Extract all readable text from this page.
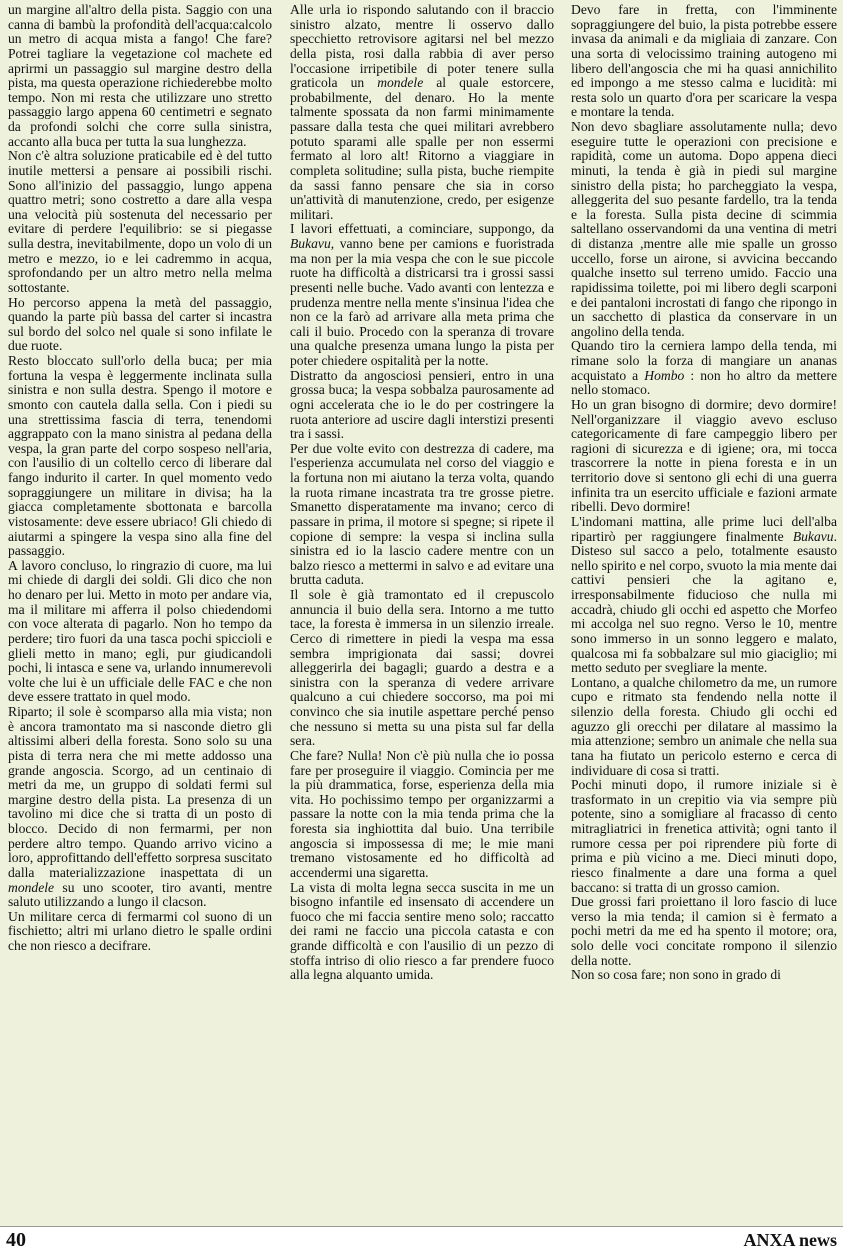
un margine all'altro della pista. Saggio con una canna di bambù la profondità dell'acqua:calcolo un metro di acqua mista a fango! Che fare? Potrei tagliare la vegetazione col machete ed aprirmi un passaggio sul margine destro della pista, ma questa operazione richiederebbe molto tempo. Non mi resta che utilizzare uno stretto passaggio largo appena 60 centimetri e segnato da profondi solchi che corre sulla sinistra, accanto alla buca per tutta la sua lunghezza.

Non c'è altra soluzione praticabile ed è del tutto inutile mettersi a pensare ai possibili rischi. Sono all'inizio del passaggio, lungo appena quattro metri; sono costretto a dare alla vespa una velocità più sostenuta del necessario per evitare di perdere l'equilibrio: se si piegasse sulla destra, inevitabilmente, dopo un volo di un metro e mezzo, io e lei cadremmo in acqua, sprofondando per un altro metro nella melma sottostante.

Ho percorso appena la metà del passaggio, quando la parte più bassa del carter si incastra sul bordo del solco nel quale si sono infilate le due ruote.

Resto bloccato sull'orlo della buca; per mia fortuna la vespa è leggermente inclinata sulla sinistra e non sulla destra. Spengo il motore e smonto con cautela dalla sella. Con i piedi su una strettissima fascia di terra, tenendomi aggrappato con la mano sinistra al pedana della vespa, la gran parte del corpo sospeso nell'aria, con l'ausilio di un coltello cerco di liberare dal fango indurito il carter. In quel momento vedo sopraggiungere un militare in divisa; ha la giacca completamente sbottonata e barcolla vistosamente: deve essere ubriaco! Gli chiedo di aiutarmi a spingere la vespa sino alla fine del passaggio.

A lavoro concluso, lo ringrazio di cuore, ma lui mi chiede di dargli dei soldi. Gli dico che non ho denaro per lui. Metto in moto per andare via, ma il militare mi afferra il polso chiedendomi con voce alterata di pagarlo. Non ho tempo da perdere; tiro fuori da una tasca pochi spiccioli e glieli metto in mano; egli, pur giudicandoli pochi, li intasca e sene va, urlando innumerevoli volte che lui è un ufficiale delle FAC e che non deve essere trattato in quel modo.

Riparto; il sole è scomparso alla mia vista; non è ancora tramontato ma si nasconde dietro gli altissimi alberi della foresta. Sono solo su una pista di terra nera che mi mette addosso una grande angoscia. Scorgo, ad un centinaio di metri da me, un gruppo di soldati fermi sul margine destro della pista. La presenza di un tavolino mi dice che si tratta di un posto di blocco. Decido di non fermarmi, per non perdere altro tempo. Quando arrivo vicino a loro, approfittando dell'effetto sorpresa suscitato dalla materializzazione inaspettata di un mondele su uno scooter, tiro avanti, mentre saluto utilizzando a lungo il clacson.

Un militare cerca di fermarmi col suono di un fischietto; altri mi urlano dietro le spalle ordini che non riesco a decifrare.

Alle urla io rispondo salutando con il braccio sinistro alzato, mentre li osservo dallo specchietto retrovisore agitarsi nel bel mezzo della pista, rosi dalla rabbia di aver perso l'occasione irripetibile di poter tenere sulla graticola un mondele al quale estorcere, probabilmente, del denaro. Ho la mente talmente spossata da non farmi minimamente passare dalla testa che quei militari avrebbero potuto sparami alle spalle per non essermi fermato al loro alt! Ritorno a viaggiare in completa solitudine; sulla pista, buche riempite da sassi fanno pensare che sia in corso un'attività di manutenzione, credo, per esigenze militari.

I lavori effettuati, a cominciare, suppongo, da Bukavu, vanno bene per camions e fuoristrada ma non per la mia vespa che con le sue piccole ruote ha difficoltà a districarsi tra i grossi sassi presenti nelle buche. Vado avanti con lentezza e prudenza mentre nella mente s'insinua l'idea che non ce la farò ad arrivare alla meta prima che cali il buio. Procedo con la speranza di trovare una qualche presenza umana lungo la pista per poter chiedere ospitalità per la notte.

Distratto da angosciosi pensieri, entro in una grossa buca; la vespa sobbalza paurosamente ad ogni accelerata che io le do per costringere la ruota anteriore ad uscire dagli interstizi presenti tra i sassi.

Per due volte evito con destrezza di cadere, ma l'esperienza accumulata nel corso del viaggio e la fortuna non mi aiutano la terza volta, quando la ruota rimane incastrata tra tre grosse pietre. Smanetto disperatamente ma invano; cerco di passare in prima, il motore si spegne; si ripete il copione di sempre: la vespa si inclina sulla sinistra ed io la lascio cadere mentre con un balzo riesco a mettermi in salvo e ad evitare una brutta caduta.

Il sole è già tramontato ed il crepuscolo annuncia il buio della sera. Intorno a me tutto tace, la foresta è immersa in un silenzio irreale. Cerco di rimettere in piedi la vespa ma essa sembra imprigionata dai sassi; dovrei alleggerirla dei bagagli; guardo a destra e a sinistra con la speranza di vedere arrivare qualcuno a cui chiedere soccorso, ma poi mi convinco che sia inutile aspettare perché penso che nessuno si metta su una pista sul far della sera.

Che fare? Nulla! Non c'è più nulla che io possa fare per proseguire il viaggio. Comincia per me la più drammatica, forse, esperienza della mia vita. Ho pochissimo tempo per organizzarmi a passare la notte con la mia tenda prima che la foresta sia inghiottita dal buio. Una terribile angoscia si impossessa di me; le mie mani tremano vistosamente ed ho difficoltà ad accendermi una sigaretta.

La vista di molta legna secca suscita in me un bisogno infantile ed insensato di accendere un fuoco che mi faccia sentire meno solo; raccatto dei rami ne faccio una piccola catasta e con grande difficoltà e con l'ausilio di un pezzo di stoffa intriso di olio riesco a far prendere fuoco alla legna alquanto umida.

Devo fare in fretta, con l'imminente sopraggiungere del buio, la pista potrebbe essere invasa da animali e da migliaia di zanzare. Con una sorta di velocissimo training autogeno mi libero dell'angoscia che mi ha quasi annichilito ed impongo a me stesso calma e lucidità: mi resta solo un quarto d'ora per scaricare la vespa e montare la tenda.

Non devo sbagliare assolutamente nulla; devo eseguire tutte le operazioni con precisione e rapidità, come un automa. Dopo appena dieci minuti, la tenda è già in piedi sul margine sinistro della pista; ho parcheggiato la vespa, alleggerita del suo pesante fardello, tra la tenda e la foresta. Sulla pista decine di scimmia saltellano osservandomi da una ventina di metri di distanza ,mentre alle mie spalle un grosso uccello, forse un airone, si avvicina beccando qualche insetto sul terreno umido. Faccio una rapidissima toilette, poi mi libero degli scarponi e dei pantaloni incrostati di fango che ripongo in un sacchetto di plastica da conservare in un angolino della tenda.

Quando tiro la cerniera lampo della tenda, mi rimane solo la forza di mangiare un ananas acquistato a Hombo : non ho altro da mettere nello stomaco.

Ho un gran bisogno di dormire; devo dormire! Nell'organizzare il viaggio avevo escluso categoricamente di fare campeggio libero per ragioni di sicurezza e di igiene; ora, mi tocca trascorrere la notte in piena foresta e in un territorio dove si sentono gli echi di una guerra infinita tra un esercito ufficiale e fazioni armate ribelli. Devo dormire!

L'indomani mattina, alle prime luci dell'alba ripartirò per raggiungere finalmente Bukavu. Disteso sul sacco a pelo, totalmente esausto nello spirito e nel corpo, svuoto la mia mente dai cattivi pensieri che la agitano e, irresponsabilmente fiducioso che nulla mi accadrà, chiudo gli occhi ed aspetto che Morfeo mi accolga nel suo regno. Verso le 10, mentre sono immerso in un sonno leggero e malato, qualcosa mi fa sobbalzare sul mio giaciglio; mi metto seduto per svegliare la mente.

Lontano, a qualche chilometro da me, un rumore cupo e ritmato sta fendendo nella notte il silenzio della foresta. Chiudo gli occhi ed aguzzo gli orecchi per dilatare al massimo la mia attenzione; sembro un animale che nella sua tana ha fiutato un pericolo esterno e cerca di individuare di cosa si tratti.

Pochi minuti dopo, il rumore iniziale si è trasformato in un crepitio via via sempre più potente, sino a somigliare al fracasso di cento mitragliatrici in frenetica attività; ogni tanto il rumore cessa per poi riprendere più forte di prima e più vicino a me. Dieci minuti dopo, riesco finalmente a dare una forma a quel baccano: si tratta di un grosso camion.

Due grossi fari proiettano il loro fascio di luce verso la mia tenda; il camion si è fermato a pochi metri da me ed ha spento il motore; ora, solo delle voci concitate rompono il silenzio della notte.

Non so cosa fare; non sono in grado di

40	ANXA news
